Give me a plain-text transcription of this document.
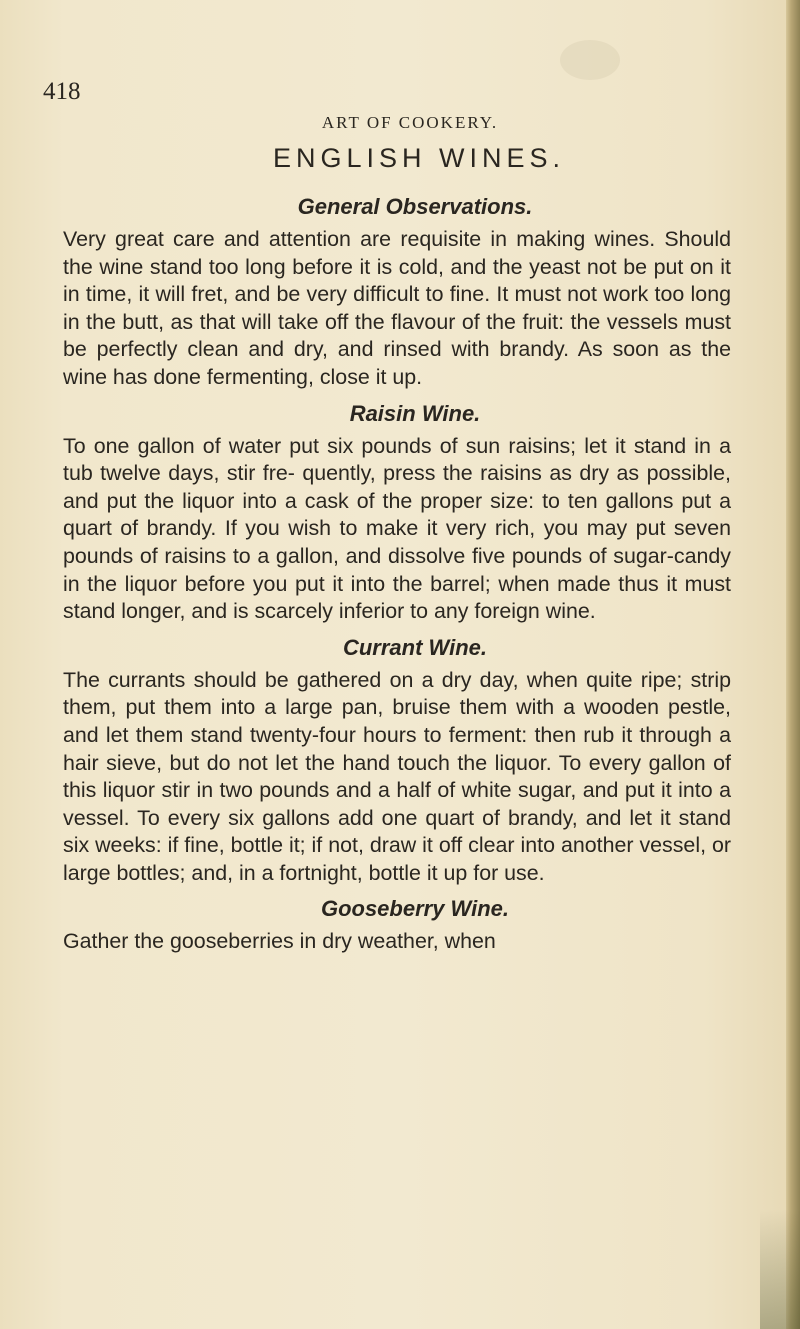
418
ART OF COOKERY.
ENGLISH WINES.
General Observations.
Very great care and attention are requisite in making wines. Should the wine stand too long before it is cold, and the yeast not be put on it in time, it will fret, and be very difficult to fine. It must not work too long in the butt, as that will take off the flavour of the fruit: the vessels must be perfectly clean and dry, and rinsed with brandy. As soon as the wine has done fermenting, close it up.
Raisin Wine.
To one gallon of water put six pounds of sun raisins; let it stand in a tub twelve days, stir fre- quently, press the raisins as dry as possible, and put the liquor into a cask of the proper size: to ten gallons put a quart of brandy. If you wish to make it very rich, you may put seven pounds of raisins to a gallon, and dissolve five pounds of sugar-candy in the liquor before you put it into the barrel; when made thus it must stand longer, and is scarcely inferior to any foreign wine.
Currant Wine.
The currants should be gathered on a dry day, when quite ripe; strip them, put them into a large pan, bruise them with a wooden pestle, and let them stand twenty-four hours to ferment: then rub it through a hair sieve, but do not let the hand touch the liquor. To every gallon of this liquor stir in two pounds and a half of white sugar, and put it into a vessel. To every six gallons add one quart of brandy, and let it stand six weeks: if fine, bottle it; if not, draw it off clear into another vessel, or large bottles; and, in a fortnight, bottle it up for use.
Gooseberry Wine.
Gather the gooseberries in dry weather, when
